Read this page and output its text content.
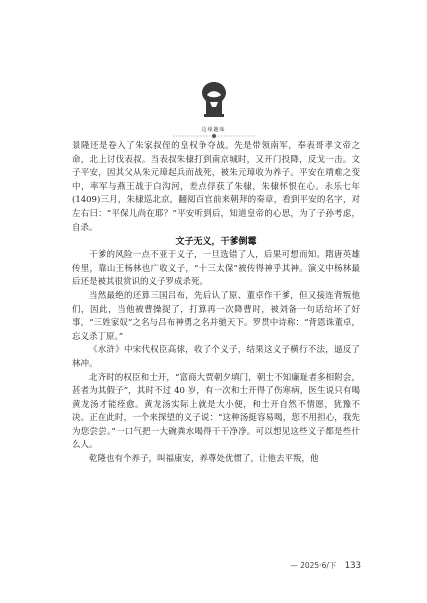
边缘趣味

景隆还是卷入了朱家叔侄的皇权争夺战。先是带领南军，奉表哥孝文帝之命，北上讨伐表叔。当表叔朱棣打到南京城时，又开门投降，反戈一击。文子平安，因其父从朱元璋起兵而战死，被朱元璋收为养子。平安在靖难之变中，率军与燕王战于白沟河，差点俘获了朱棣，朱棣怀恨在心。永乐七年(1409)三月，朱棣巡北京，翻阅百官前来朝拜的奏章，看到平安的名字，对左右曰：“平保儿尚在耶？”平安听到后，知道皇帝的心思，为了子孙考虑，自杀。

文子无义，干爹倒霉

干爹的风险一点不亚于义子，一旦选错了人，后果可想而知。隋唐英雄传里，靠山王杨林也广收义子，“十三太保”被传得神乎其神。演义中杨林最后还是被其很赏识的义子罗成杀死。

当然最绝的还算三国吕布，先后认了原、董卓作干爹，但又接连背叛他们，因此，当他被曹操捉了，打算再一次降曹时，被刘备一句话给坏了好事，“三姓家奴”之名与吕布神勇之名并驰天下。罗贯中诗称：“背恩诛董卓，忘义杀丁原。”

《水浒》中宋代权臣高俅，收了个义子，结果这义子横行不法，逼反了林冲。

北齐时的权臣和士开，“富商大贾朝夕填门，朝士不知廉耻者多相附会，甚者为其假子”，其时不过 40 岁，有一次和士开得了伤寒病，医生说只有喝黄龙汤才能痊愈。黄龙汤实际上就是大小便，和士开自然不情愿，犹豫不决。正在此时，一个来探望的义子说：“这种汤挺容易喝，您不用担心，我先为您尝尝。”一口气把一大碗粪水喝得干干净净。可以想见这些义子都是些什么人。

乾隆也有个养子，叫福康安，养尊处优惯了，让他去平叛，他

— 2025·6/下 133
